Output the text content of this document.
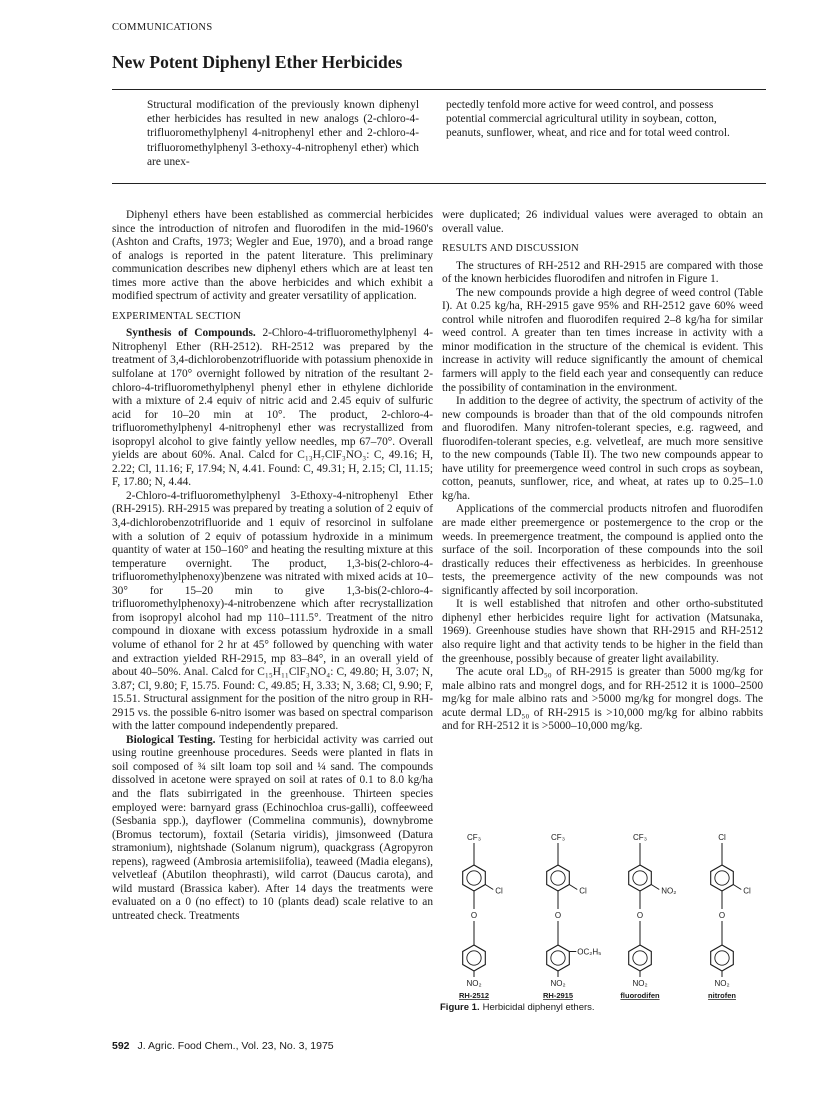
COMMUNICATIONS
New Potent Diphenyl Ether Herbicides
Structural modification of the previously known diphenyl ether herbicides has resulted in new analogs (2-chloro-4-trifluoromethylphenyl 4-nitrophenyl ether and 2-chloro-4-trifluoromethylphenyl 3-ethoxy-4-nitrophenyl ether) which are unex-
pectedly tenfold more active for weed control, and possess potential commercial agricultural utility in soybean, cotton, peanuts, sunflower, wheat, and rice and for total weed control.

Diphenyl ethers have been established as commercial herbicides since the introduction of nitrofen and fluorodifen in the mid-1960's (Ashton and Crafts, 1973; Wegler and Eue, 1970), and a broad range of analogs is reported in the patent literature. This preliminary communication describes new diphenyl ethers which are at least ten times more active than the above herbicides and which exhibit a modified spectrum of activity and greater versatility of application.

EXPERIMENTAL SECTION

Synthesis of Compounds. 2-Chloro-4-trifluoromethylphenyl 4-Nitrophenyl Ether (RH-2512). RH-2512 was prepared by the treatment of 3,4-dichlorobenzotrifluoride with potassium phenoxide in sulfolane at 170° overnight followed by nitration of the resultant 2-chloro-4-trifluoromethylphenyl phenyl ether in ethylene dichloride with a mixture of 2.4 equiv of nitric acid and 2.45 equiv of sulfuric acid for 10–20 min at 10°. The product, 2-chloro-4-trifluoromethylphenyl 4-nitrophenyl ether was recrystallized from isopropyl alcohol to give faintly yellow needles, mp 67–70°. Overall yields are about 60%. Anal. Calcd for C₁₃H₇ClF₃NO₃: C, 49.16; H, 2.22; Cl, 11.16; F, 17.94; N, 4.41. Found: C, 49.31; H, 2.15; Cl, 11.15; F, 17.80; N, 4.44.

2-Chloro-4-trifluoromethylphenyl 3-Ethoxy-4-nitrophenyl Ether (RH-2915). RH-2915 was prepared by treating a solution of 2 equiv of 3,4-dichlorobenzotrifluoride and 1 equiv of resorcinol in sulfolane with a solution of 2 equiv of potassium hydroxide in a minimum quantity of water at 150–160° and heating the resulting mixture at this temperature overnight. The product, 1,3-bis(2-chloro-4-trifluoromethylphenoxy)benzene was nitrated with mixed acids at 10–30° for 15–20 min to give 1,3-bis(2-chloro-4-trifluoromethylphenoxy)-4-nitrobenzene which after recrystallization from isopropyl alcohol had mp 110–111.5°. Treatment of the nitro compound in dioxane with excess potassium hydroxide in a small volume of ethanol for 2 hr at 45° followed by quenching with water and extraction yielded RH-2915, mp 83–84°, in an overall yield of about 40–50%. Anal. Calcd for C₁₅H₁₁ClF₃NO₄: C, 49.80; H, 3.07; N, 3.87; Cl, 9.80; F, 15.75. Found: C, 49.85; H, 3.33; N, 3.68; Cl, 9.90; F, 15.51. Structural assignment for the position of the nitro group in RH-2915 vs. the possible 6-nitro isomer was based on spectral comparison with the latter compound independently prepared.

Biological Testing. Testing for herbicidal activity was carried out using routine greenhouse procedures. Seeds were planted in flats in soil composed of ¾ silt loam top soil and ¼ sand. The compounds dissolved in acetone were sprayed on soil at rates of 0.1 to 8.0 kg/ha and the flats subirrigated in the greenhouse. Thirteen species employed were: barnyard grass (Echinochloa crus-galli), coffeeweed (Sesbania spp.), dayflower (Commelina communis), downybrome (Bromus tectorum), foxtail (Setaria viridis), jimsonweed (Datura stramonium), nightshade (Solanum nigrum), quackgrass (Agropyron repens), ragweed (Ambrosia artemisiifolia), teaweed (Madia elegans), velvetleaf (Abutilon theophrasti), wild carrot (Daucus carota), and wild mustard (Brassica kaber). After 14 days the treatments were evaluated on a 0 (no effect) to 10 (plants dead) scale relative to an untreated check. Treatments

were duplicated; 26 individual values were averaged to obtain an overall value.

RESULTS AND DISCUSSION

The structures of RH-2512 and RH-2915 are compared with those of the known herbicides fluorodifen and nitrofen in Figure 1.

The new compounds provide a high degree of weed control (Table I). At 0.25 kg/ha, RH-2915 gave 95% and RH-2512 gave 60% weed control while nitrofen and fluorodifen required 2–8 kg/ha for similar weed control. A greater than ten times increase in activity with a minor modification in the structure of the chemical is evident. This increase in activity will reduce significantly the amount of chemical farmers will apply to the field each year and consequently can reduce the possibility of contamination in the environment.

In addition to the degree of activity, the spectrum of activity of the new compounds is broader than that of the old compounds nitrofen and fluorodifen. Many nitrofen-tolerant species, e.g. ragweed, and fluorodifen-tolerant species, e.g. velvetleaf, are much more sensitive to the new compounds (Table II). The two new compounds appear to have utility for preemergence weed control in such crops as soybean, cotton, peanuts, sunflower, rice, and wheat, at rates up to 0.25–1.0 kg/ha.

Applications of the commercial products nitrofen and fluorodifen are made either preemergence or postemergence to the crop or the weeds. In preemergence treatment, the compound is applied onto the surface of the soil. Incorporation of these compounds into the soil drastically reduces their effectiveness as herbicides. In greenhouse tests, the preemergence activity of the new compounds was not significantly affected by soil incorporation.

It is well established that nitrofen and other ortho-substituted diphenyl ether herbicides require light for activation (Matsunaka, 1969). Greenhouse studies have shown that RH-2915 and RH-2512 also require light and that activity tends to be higher in the field than the greenhouse, possibly because of greater light availability.

The acute oral LD₅₀ of RH-2915 is greater than 5000 mg/kg for male albino rats and mongrel dogs, and for RH-2512 it is 1000–2500 mg/kg for male albino rats and >5000 mg/kg for mongrel dogs. The acute dermal LD₅₀ of RH-2915 is >10,000 mg/kg for albino rabbits and for RH-2512 it is >5000–10,000 mg/kg.

CF₃
Cl
O
NO₂
RH-2512
CF₃
Cl
O
OC₂H₅
NO₂
RH-2915
CF₃
NO₂
O
NO₂
fluorodifen
Cl
Cl
O
NO₂
nitrofen
Figure 1. Herbicidal diphenyl ethers.
592 J. Agric. Food Chem., Vol. 23, No. 3, 1975
